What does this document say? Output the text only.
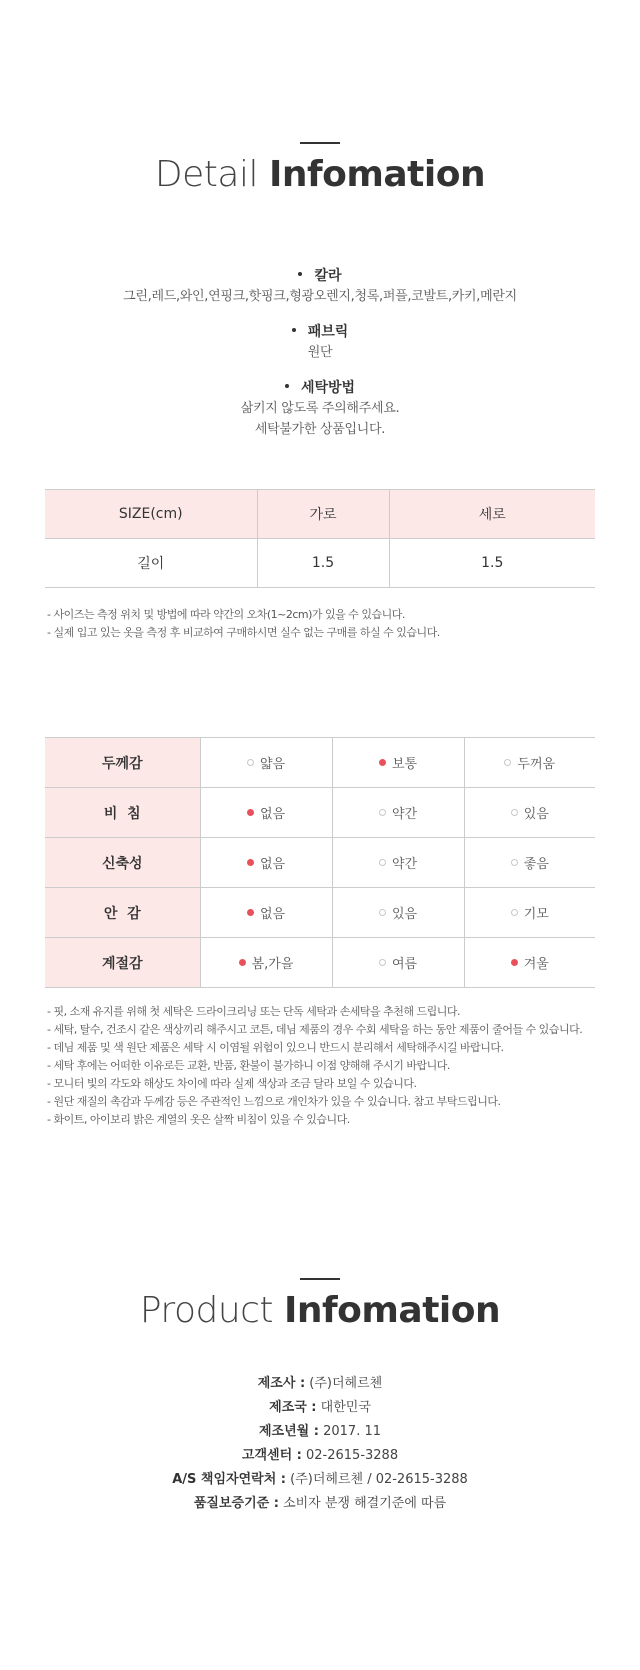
Detail Infomation
칼라
그린,레드,와인,연핑크,핫핑크,형광오렌지,청록,퍼플,코발트,카키,메란지
패브릭
원단
세탁방법
삶키지 않도록 주의해주세요.
세탁불가한 상품입니다.
SIZE(cm)	가로	세로
길이	1.5	1.5
- 사이즈는 측정 위치 및 방법에 따라 약간의 오차(1~2cm)가 있을 수 있습니다.
- 실제 입고 있는 옷을 측정 후 비교하여 구매하시면 실수 없는 구매를 하실 수 있습니다.
두께감	얇음	보통	두꺼움

비  침	없음	약간	있음

신축성	없음	약간	좋음

안  감	없음	있음	기모

계절감	봄,가을	여름	겨울
- 핏, 소재 유지를 위해 첫 세탁은 드라이크리닝 또는 단독 세탁과 손세탁을 추천해 드립니다.
- 세탁, 탈수, 건조시 같은 색상끼리 해주시고 코튼, 데님 제품의 경우 수회 세탁을 하는 동안 제품이 줄어들 수 있습니다.
- 데님 제품 및 색 원단 제품은 세탁 시 이염될 위험이 있으니 반드시 분리해서 세탁해주시길 바랍니다.
- 세탁 후에는 어떠한 이유로든 교환, 반품, 환불이 불가하니 이점 양해해 주시기 바랍니다.
- 모니터 빛의 각도와 해상도 차이에 따라 실제 색상과 조금 달라 보일 수 있습니다.
- 원단 재질의 촉감과 두께감 등은 주관적인 느낌으로 개인차가 있을 수 있습니다. 참고 부탁드립니다.
- 화이트, 아이보리 밝은 계열의 옷은 살짝 비침이 있을 수 있습니다.
Product Infomation
제조사 : (주)더헤르첸
제조국 : 대한민국
제조년월 : 2017. 11
고객센터 : 02-2615-3288
A/S 책임자연락처 : (주)더헤르첸 / 02-2615-3288
품질보증기준 : 소비자 분쟁 해결기준에 따름
